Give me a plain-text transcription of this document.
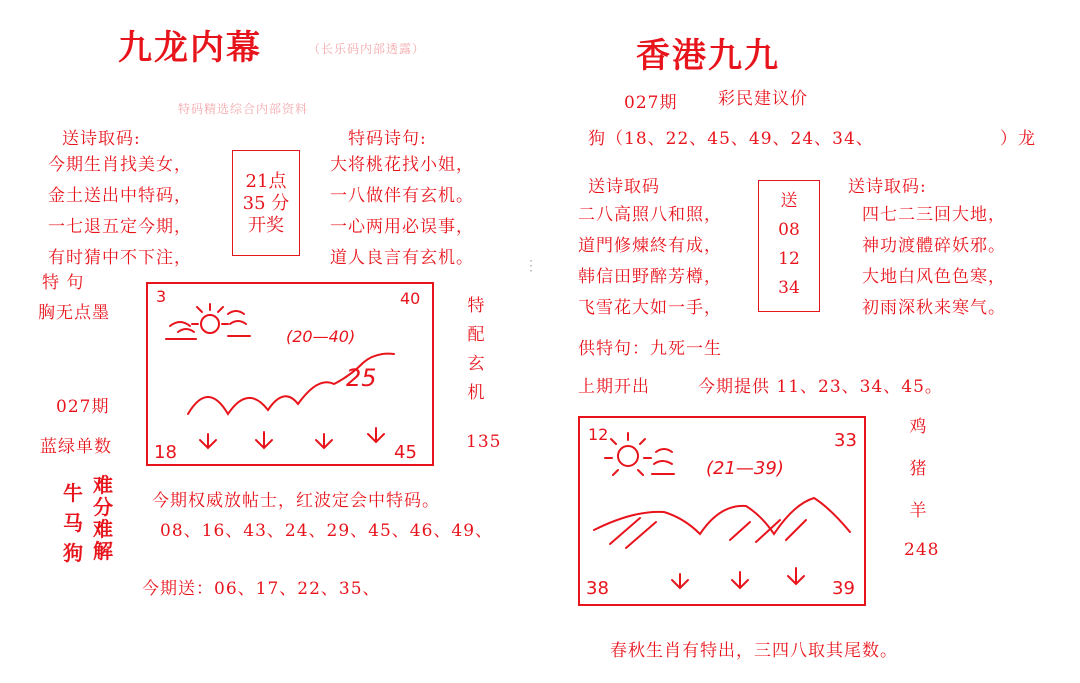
九龙内幕	（长乐码内部透露）
特码精选综合内部资料
送诗取码:
今期生肖找美女，
金土送出中特码，
一七退五定今期，
有时猜中不下注，
21点
35 分
开奖
特码诗句:
大将桃花找小姐，
一八做伴有玄机。
一心两用必误事，
道人良言有玄机。
特 句
胸无点墨
027期
蓝绿单数
3	40
(20—40)
25
18	45
特
配
玄
机
135
牛
马
狗
难
分
难
解
今期权威放帖士，红波定会中特码。
08、16、43、24、29、45、46、49、
今期送：06、17、22、35、
⋮
香港九九
027期 彩民建议价
狗（18、22、45、49、24、34、	）龙
送诗取码
二八高照八和照，
道門修煉終有成，
韩信田野醉芳樽，
飞雪花大如一手，
送
08
12
34
送诗取码:
四七二三回大地，
神功渡體碎妖邪。
大地白风色色寒，
初雨深秋来寒气。
供特句：九死一生
上期开出	今期提供 11、23、34、45。
12	33
(21—39)
38	39
鸡
猪
羊
248
春秋生肖有特出，三四八取其尾数。
